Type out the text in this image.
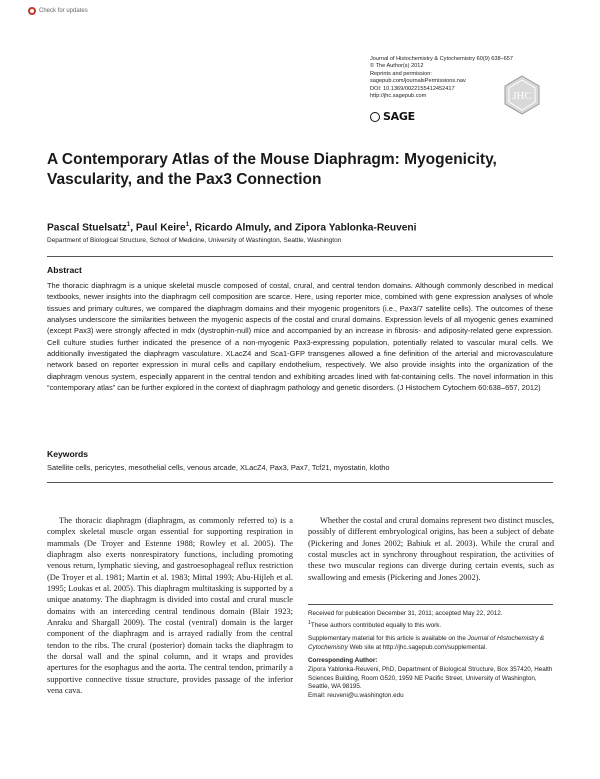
Check for updates
Journal of Histochemistry & Cytochemistry 60(9) 638–657
© The Author(s) 2012
Reprints and permission:
sagepub.com/journalsPermissions.nav
DOI: 10.1369/0022155412452417
http://jhc.sagepub.com
SAGE
JHC
A Contemporary Atlas of the Mouse Diaphragm: Myogenicity, Vascularity, and the Pax3 Connection
Pascal Stuelsatz$^1$, Paul Keire$^1$, Ricardo Almuly, and Zipora Yablonka-Reuveni
Department of Biological Structure, School of Medicine, University of Washington, Seattle, Washington
Abstract
The thoracic diaphragm is a unique skeletal muscle composed of costal, crural, and central tendon domains. Although commonly described in medical textbooks, newer insights into the diaphragm cell composition are scarce. Here, using reporter mice, combined with gene expression analyses of whole tissues and primary cultures, we compared the diaphragm domains and their myogenic progenitors (i.e., Pax3/7 satellite cells). The outcomes of these analyses underscore the similarities between the myogenic aspects of the costal and crural domains. Expression levels of all myogenic genes examined (except Pax3) were strongly affected in mdx (dystrophin-null) mice and accompanied by an increase in fibrosis- and adiposity-related gene expression. Cell culture studies further indicated the presence of a non-myogenic Pax3-expressing population, potentially related to vascular mural cells. We additionally investigated the diaphragm vasculature. XLacZ4 and Sca1-GFP transgenes allowed a fine definition of the arterial and microvasculature network based on reporter expression in mural cells and capillary endothelium, respectively. We also provide insights into the organization of the diaphragm venous system, especially apparent in the central tendon and exhibiting arcades lined with fat-containing cells. The novel information in this “contemporary atlas” can be further explored in the context of diaphragm pathology and genetic disorders. (J Histochem Cytochem 60:638–657, 2012)
Keywords
Satellite cells, pericytes, mesothelial cells, venous arcade, XLacZ4, Pax3, Pax7, Tcf21, myostatin, klotho
The thoracic diaphragm (diaphragm, as commonly referred to) is a complex skeletal muscle organ essential for supporting respiration in mammals (De Troyer and Estenne 1988; Rowley et al. 2005). The diaphragm also exerts nonrespiratory functions, including promoting venous return, lymphatic sieving, and gastroesophageal reflux restriction (De Troyer et al. 1981; Martin et al. 1983; Mittal 1993; Abu-Hijleh et al. 1995; Loukas et al. 2005). This diaphragm multitasking is supported by a unique anatomy. The diaphragm is divided into costal and crural muscle domains with an interceding central tendinous domain (Blair 1923; Anraku and Shargall 2009). The costal (ventral) domain is the larger component of the diaphragm and is arrayed radially from the central tendon to the ribs. The crural (posterior) domain tacks the diaphragm to the dorsal wall and the spinal column, and it wraps and provides apertures for the esophagus and the aorta. The central tendon, primarily a supportive connective tissue structure, provides passage of the inferior vena cava.
Whether the costal and crural domains represent two distinct muscles, possibly of different embryological origins, has been a subject of debate (Pickering and Jones 2002; Babiuk et al. 2003). While the crural and costal muscles act in synchrony throughout respiration, the activities of these two muscular regions can diverge during certain events, such as swallowing and emesis (Pickering and Jones 2002).
Received for publication December 31, 2011; accepted May 22, 2012.
$^1$These authors contributed equally to this work.
Supplementary material for this article is available on the Journal of Histochemistry & Cytochemistry Web site at http://jhc.sagepub.com/supplemental.
Corresponding Author:
Zipora Yablonka-Reuveni, PhD, Department of Biological Structure, Box 357420, Health Sciences Building, Room G520, 1959 NE Pacific Street, University of Washington, Seattle, WA 98195.
Email: reuveni@u.washington.edu
